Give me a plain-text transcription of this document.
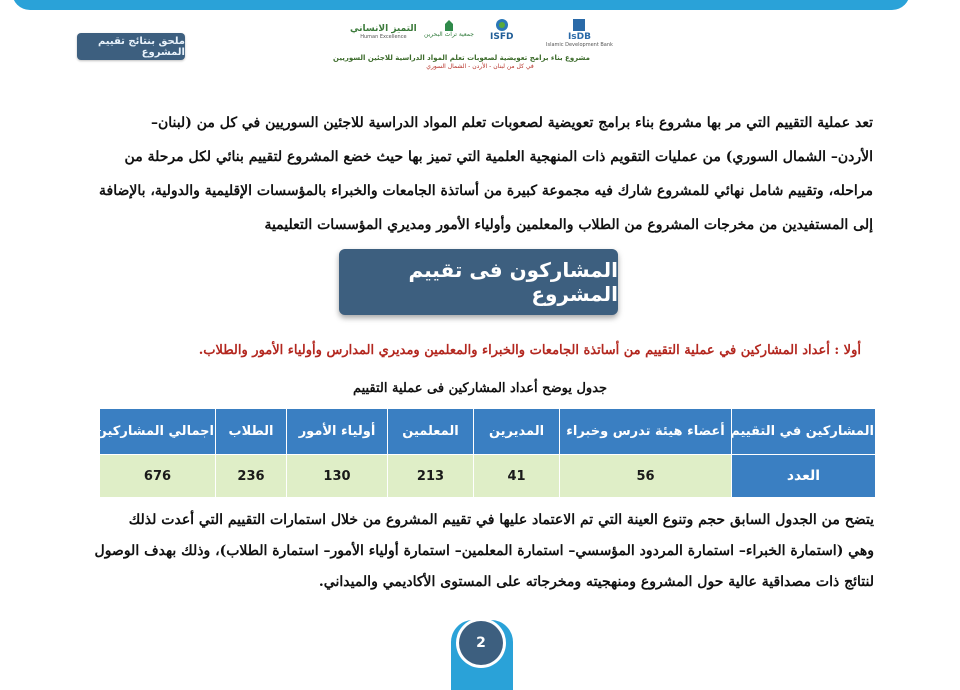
ملحق بنتائج تقييم المشروع
IsDB
Islamic Development Bank
ISFD
جمعية تراث البحرين
التميز الانساني
Human Excellence
مشروع بناء برامج تعويضية لصعوبات تعلم المواد الدراسية للاجئين السوريين
في كل من لبنان - الأردن - الشمال السوري
تعد عملية التقييم التي مر بها مشروع بناء برامج تعويضية لصعوبات تعلم المواد الدراسية للاجئين السوريين في كل من (لبنان–
الأردن– الشمال السوري) من عمليات التقويم ذات المنهجية العلمية التي تميز بها حيث خضع المشروع لتقييم بنائي لكل مرحلة من
مراحله، وتقييم شامل نهائي للمشروع شارك فيه مجموعة كبيرة من أساتذة الجامعات والخبراء بالمؤسسات الإقليمية والدولية، بالإضافة
إلى المستفيدين من مخرجات المشروع من الطلاب والمعلمين وأولياء الأمور ومديري المؤسسات التعليمية
المشاركون فى تقييم المشروع
أولا : أعداد المشاركين في عملية التقييم من أساتذة الجامعات والخبراء والمعلمين ومديري المدارس وأولياء الأمور والطلاب.
جدول يوضح أعداد المشاركين فى عملية التقييم
المشاركين في التقييم	أعضاء هيئة تدرس وخبراء	المديرين	المعلمين	أولياء الأمور	الطلاب	اجمالي المشاركين
العدد	56	41	213	130	236	676
يتضح من الجدول السابق حجم وتنوع العينة التي تم الاعتماد عليها في تقييم المشروع من خلال استمارات التقييم التي أعدت لذلك
وهي (استمارة الخبراء– استمارة المردود المؤسسي– استمارة المعلمين– استمارة أولياء الأمور– استمارة الطلاب)، وذلك بهدف الوصول
لنتائج ذات مصداقية عالية حول المشروع ومنهجيته ومخرجاته على المستوى الأكاديمي والميداني.
2
